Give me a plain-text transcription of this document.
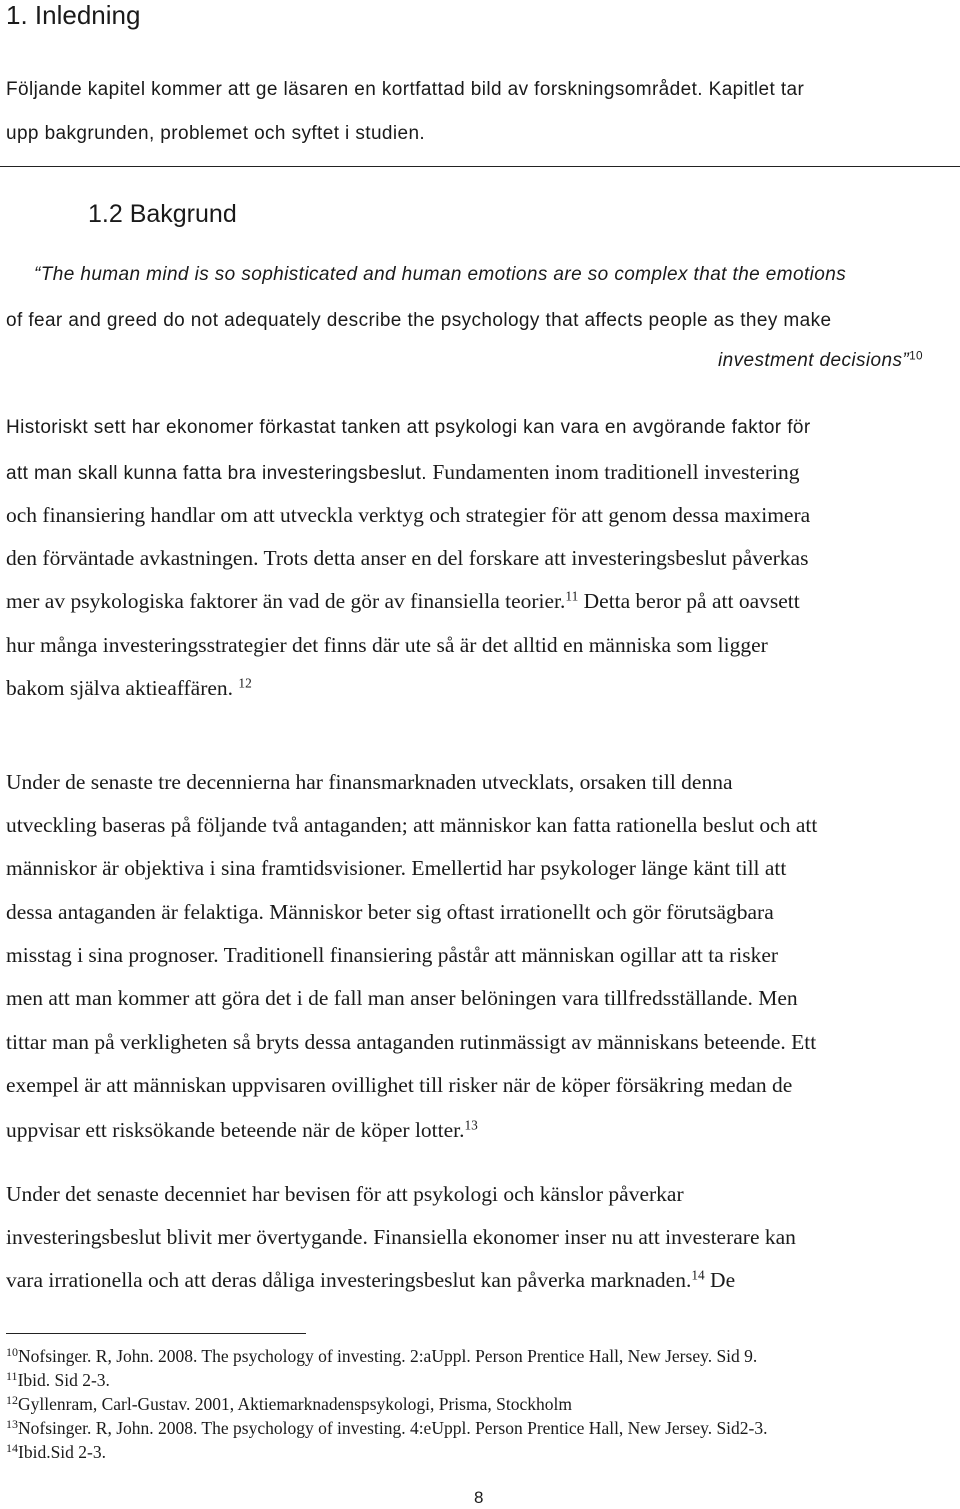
1. Inledning
Följande kapitel kommer att ge läsaren en kortfattad bild av forskningsområdet. Kapitlet tar
upp bakgrunden, problemet och syftet i studien.
1.2 Bakgrund
“The human mind is so sophisticated and human emotions are so complex that the emotions
of fear and greed do not adequately describe the psychology that affects people as they make
investment decisions”$^{10}$
Historiskt sett har ekonomer förkastat tanken att psykologi kan vara en avgörande faktor för
att man skall kunna fatta bra investeringsbeslut. Fundamenten inom traditionell investering
och finansiering handlar om att utveckla verktyg och strategier för att genom dessa maximera
den förväntade avkastningen. Trots detta anser en del forskare att investeringsbeslut påverkas
mer av psykologiska faktorer än vad de gör av finansiella teorier.$^{11}$ Detta beror på att oavsett
hur många investeringsstrategier det finns där ute så är det alltid en människa som ligger
bakom själva aktieaffären. $^{12}$
Under de senaste tre decennierna har finansmarknaden utvecklats, orsaken till denna
utveckling baseras på följande två antaganden; att människor kan fatta rationella beslut och att
människor är objektiva i sina framtidsvisioner. Emellertid har psykologer länge känt till att
dessa antaganden är felaktiga. Människor beter sig oftast irrationellt och gör förutsägbara
misstag i sina prognoser. Traditionell finansiering påstår att människan ogillar att ta risker
men att man kommer att göra det i de fall man anser belöningen vara tillfredsställande. Men
tittar man på verkligheten så bryts dessa antaganden rutinmässigt av människans beteende. Ett
exempel är att människan uppvisaren ovillighet till risker när de köper försäkring medan de
uppvisar ett risksökande beteende när de köper lotter.$^{13}$
Under det senaste decenniet har bevisen för att psykologi och känslor påverkar
investeringsbeslut blivit mer övertygande. Finansiella ekonomer inser nu att investerare kan
vara irrationella och att deras dåliga investeringsbeslut kan påverka marknaden.$^{14}$ De
$^{10}$Nofsinger. R, John. 2008. The psychology of investing. 2:aUppl. Person Prentice Hall, New Jersey. Sid 9.
$^{11}$Ibid. Sid 2-3.
$^{12}$Gyllenram, Carl-Gustav. 2001, Aktiemarknadenspsykologi, Prisma, Stockholm
$^{13}$Nofsinger. R, John. 2008. The psychology of investing. 4:eUppl. Person Prentice Hall, New Jersey. Sid2-3.
$^{14}$Ibid.Sid 2-3.
8
